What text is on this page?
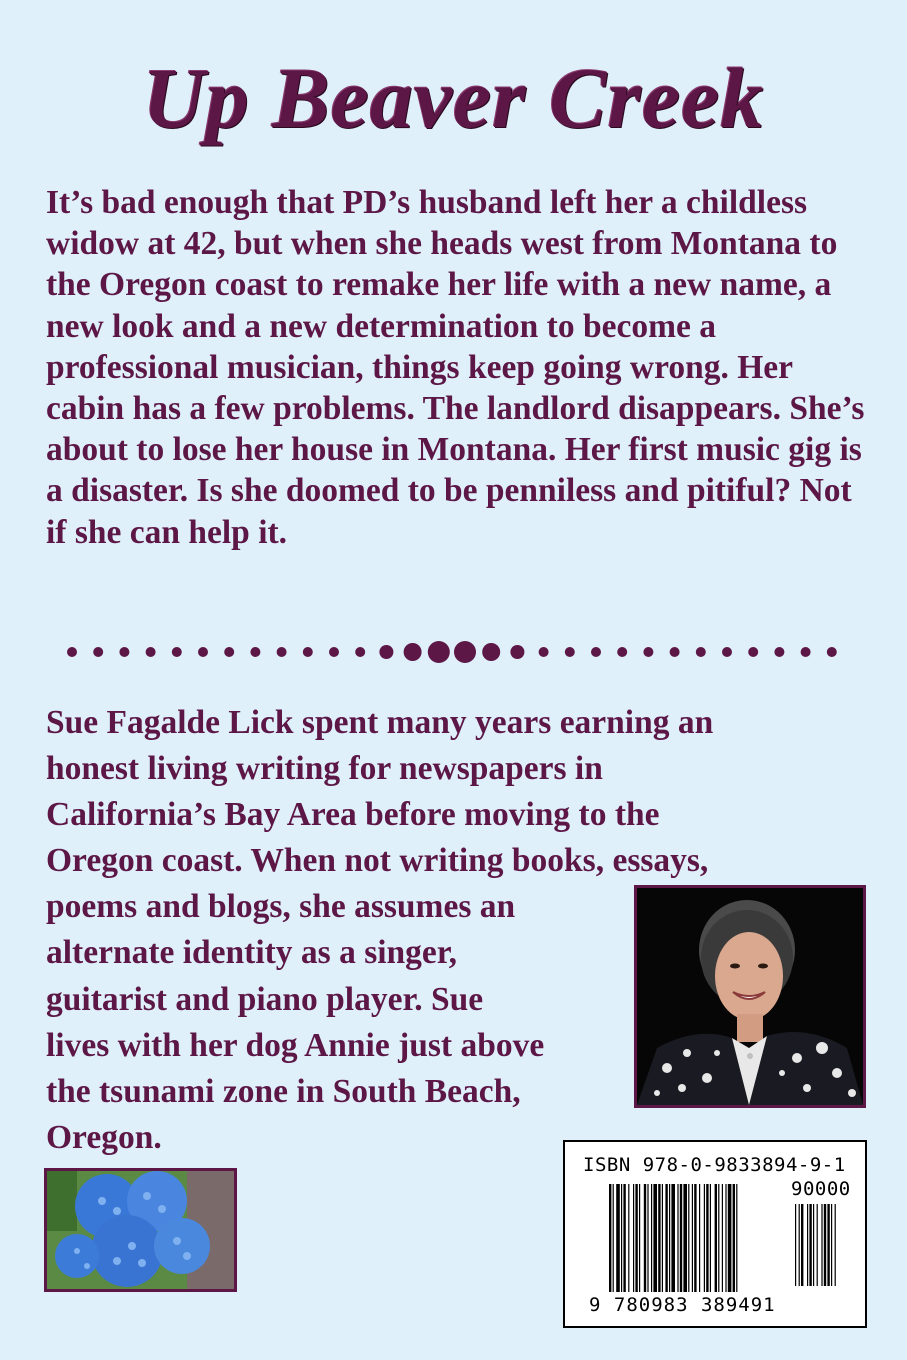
Up Beaver Creek

It’s bad enough that PD’s husband left her a childless widow at 42, but when she heads west from Montana to the Oregon coast to remake her life with a new name, a new look and a new determination to become a professional musician, things keep going wrong. Her cabin has a few problems. The landlord disappears. She’s about to lose her house in Montana. Her first music gig is a disaster. Is she doomed to be penniless and pitiful? Not if she can help it.

Sue Fagalde Lick spent many years earning an
honest living writing for newspapers in
California’s Bay Area before moving to the
Oregon coast. When not writing books, essays,
poems and blogs, she assumes an
alternate identity as a singer,
guitarist and piano player. Sue
lives with her dog Annie just above
the tsunami zone in South Beach,
Oregon.
ISBN 978-0-9833894-9-1
90000
9 780983 389491
